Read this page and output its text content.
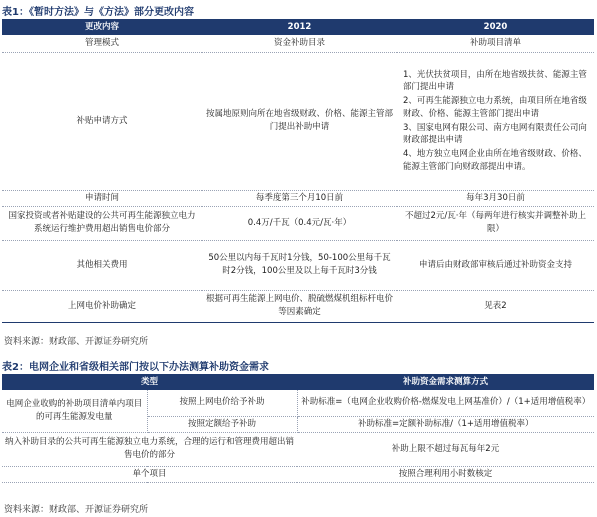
表1：《暂时方法》与《方法》部分更改内容
更改内容	2012	2020
管理模式	资金补助目录	补助项目清单
补贴申请方式	按属地原则向所在地省级财政、价格、能源主管部门提出补助申请	1、光伏扶贫项目，由所在地省级扶贫、能源主管部门提出申请
2、可再生能源独立电力系统，由项目所在地省级财政、价格、能源主管部门提出申请
3、国家电网有限公司、南方电网有限责任公司向财政部提出申请
4、地方独立电网企业由所在地省级财政、价格、能源主管部门向财政部提出申请。

申请时间	每季度第三个月10日前	每年3月30日前
国家投资或者补贴建设的公共可再生能源独立电力系统运行维护费用超出销售电价部分	0.4万/千瓦（0.4元/瓦·年）	不超过2元/瓦·年（每两年进行核实并调整补助上限）
其他相关费用	50公里以内每千瓦时1分钱，50-100公里每千瓦时2分钱，100公里及以上每千瓦时3分钱	申请后由财政部审核后通过补助资金支持
上网电价补助确定	根据可再生能源上网电价、脱硫燃煤机组标杆电价等因素确定	见表2
资料来源：财政部、开源证券研究所
表2：电网企业和省级相关部门按以下办法测算补助资金需求
类型		补助资金需求测算方式
电网企业收购的补助项目清单内项目的可再生能源发电量	按照上网电价给予补助	补助标准=（电网企业收购价格-燃煤发电上网基准价）/（1+适用增值税率）
	按照定额给予补助	补助标准=定额补助标准/（1+适用增值税率）
纳入补助目录的公共可再生能源独立电力系统，合理的运行和管理费用超出销售电价的部分		补助上限不超过每瓦每年2元
单个项目		按照合理利用小时数核定
资料来源：财政部、开源证券研究所
